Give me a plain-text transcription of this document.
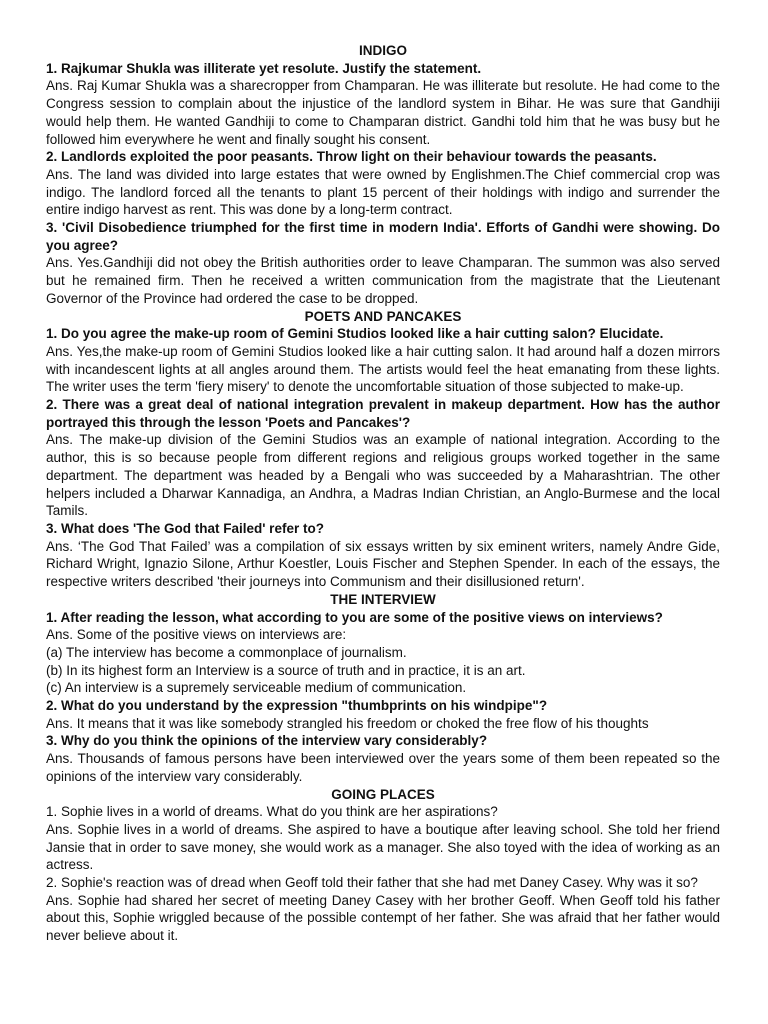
INDIGO

1. Rajkumar Shukla was illiterate yet resolute. Justify the statement.

Ans. Raj Kumar Shukla was a sharecropper from Champaran. He was illiterate but resolute. He had come to the Congress session to complain about the injustice of the landlord system in Bihar. He was sure that Gandhiji would help them. He wanted Gandhiji to come to Champaran district. Gandhi told him that he was busy but he followed him everywhere he went and finally sought his consent.

2. Landlords exploited the poor peasants. Throw light on their behaviour towards the peasants.

Ans. The land was divided into large estates that were owned by Englishmen.The Chief commercial crop was indigo. The landlord forced all the tenants to plant 15 percent of their holdings with indigo and surrender the entire indigo harvest as rent. This was done by a long-term contract.

3. 'Civil Disobedience triumphed for the first time in modern India'. Efforts of Gandhi were showing. Do you agree?

Ans. Yes.Gandhiji did not obey the British authorities order to leave Champaran. The summon was also served but he remained firm. Then he received a written communication from the magistrate that the Lieutenant Governor of the Province had ordered the case to be dropped.

POETS AND PANCAKES

1. Do you agree the make-up room of Gemini Studios looked like a hair cutting salon? Elucidate.

Ans. Yes,the make-up room of Gemini Studios looked like a hair cutting salon. It had around half a dozen mirrors with incandescent lights at all angles around them. The artists would feel the heat emanating from these lights. The writer uses the term 'fiery misery' to denote the uncomfortable situation of those subjected to make-up.

2. There was a great deal of national integration prevalent in makeup department. How has the author portrayed this through the lesson 'Poets and Pancakes'?

Ans. The make-up division of the Gemini Studios was an example of national integration. According to the author, this is so because people from different regions and religious groups worked together in the same department. The department was headed by a Bengali who was succeeded by a Maharashtrian. The other helpers included a Dharwar Kannadiga, an Andhra, a Madras Indian Christian, an Anglo-Burmese and the local Tamils.

3. What does 'The God that Failed' refer to?

Ans. ‘The God That Failed’ was a compilation of six essays written by six eminent writers, namely Andre Gide, Richard Wright, Ignazio Silone, Arthur Koestler, Louis Fischer and Stephen Spender. In each of the essays, the respective writers described 'their journeys into Communism and their disillusioned return'.

THE INTERVIEW

1. After reading the lesson, what according to you are some of the positive views on interviews?

Ans. Some of the positive views on interviews are:

(a) The interview has become a commonplace of journalism.

(b) In its highest form an Interview is a source of truth and in practice, it is an art.

(c) An interview is a supremely serviceable medium of communication.

2. What do you understand by the expression "thumbprints on his windpipe"?

Ans. It means that it was like somebody strangled his freedom or choked the free flow of his thoughts

3. Why do you think the opinions of the interview vary considerably?

Ans. Thousands of famous persons have been interviewed over the years some of them been repeated so the opinions of the interview vary considerably.

GOING PLACES

1. Sophie lives in a world of dreams. What do you think are her aspirations?

Ans. Sophie lives in a world of dreams. She aspired to have a boutique after leaving school. She told her friend Jansie that in order to save money, she would work as a manager. She also toyed with the idea of working as an actress.

2. Sophie's reaction was of dread when Geoff told their father that she had met Daney Casey. Why was it so?

Ans. Sophie had shared her secret of meeting Daney Casey with her brother Geoff. When Geoff told his father about this, Sophie wriggled because of the possible contempt of her father. She was afraid that her father would never believe about it.
